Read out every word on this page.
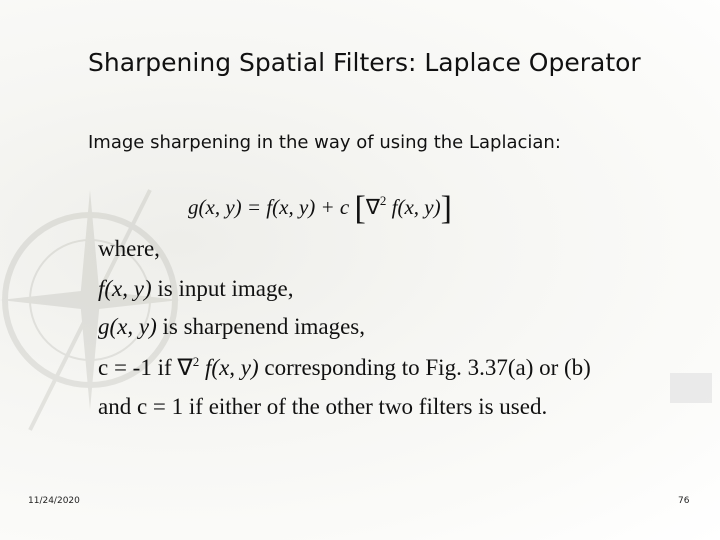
Sharpening Spatial Filters: Laplace Operator
Image sharpening in the way of using the Laplacian:
g(x, y) = f(x, y) + c [∇$^2$ f(x, y)]
where,
f(x, y) is input image,
g(x, y) is sharpenend images,
c = -1 if ∇$^2$ f(x, y) corresponding to Fig. 3.37(a) or (b)
and c = 1 if either of the other two filters is used.
11/24/2020	76
